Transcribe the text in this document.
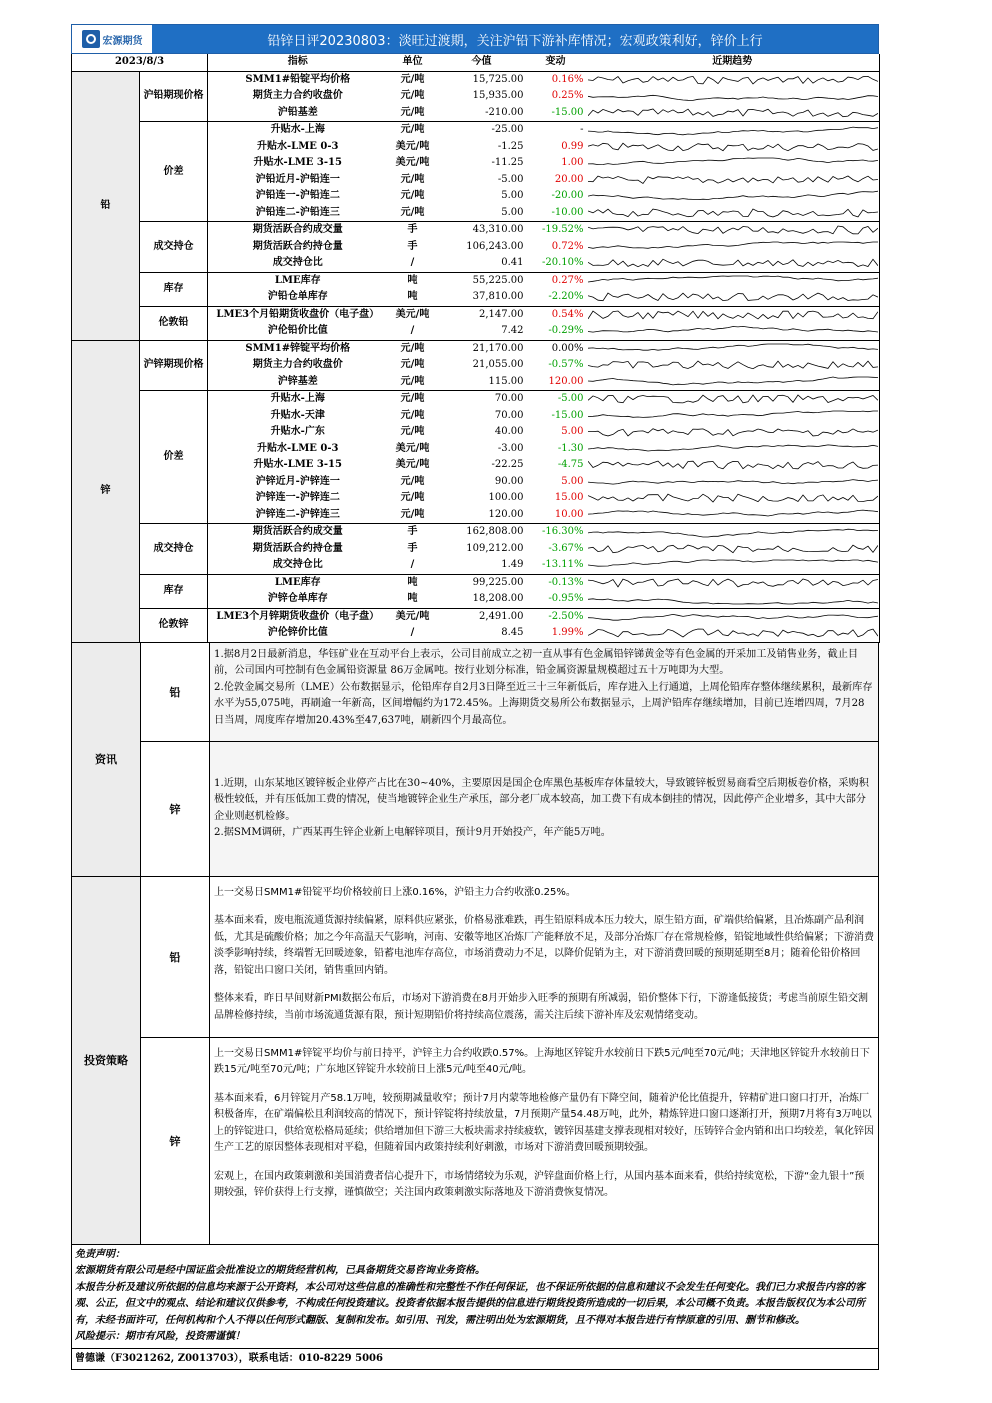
宏源期货	铅锌日评20230803：淡旺过渡期，关注沪铅下游补库情况；宏观政策利好，锌价上行
2023/8/3		指标	单位	今值	变动	近期趋势
铅	沪铅期现价格	SMM1#铅锭平均价格	元/吨	15,725.00	0.16%	

		期货主力合约收盘价	元/吨	15,935.00	0.25%	

		沪铅基差	元/吨	-210.00	-15.00	

	价差	升贴水-上海	元/吨	-25.00	-	

		升贴水-LME 0-3	美元/吨	-1.25	0.99	

		升贴水-LME 3-15	美元/吨	-11.25	1.00	

		沪铅近月-沪铅连一	元/吨	-5.00	20.00	

		沪铅连一-沪铅连二	元/吨	5.00	-20.00	

		沪铅连二-沪铅连三	元/吨	5.00	-10.00	

	成交持仓	期货活跃合约成交量	手	43,310.00	-19.52%	

		期货活跃合约持仓量	手	106,243.00	0.72%	

		成交持仓比	/	0.41	-20.10%	

	库存	LME库存	吨	55,225.00	0.27%	

		沪铅仓单库存	吨	37,810.00	-2.20%	

	伦敦铅	LME3个月铅期货收盘价（电子盘）	美元/吨	2,147.00	0.54%	

		沪伦铅价比值	/	7.42	-0.29%	

锌	沪锌期现价格	SMM1#锌锭平均价格	元/吨	21,170.00	0.00%	

		期货主力合约收盘价	元/吨	21,055.00	-0.57%	

		沪锌基差	元/吨	115.00	120.00	

	价差	升贴水-上海	元/吨	70.00	-5.00	

		升贴水-天津	元/吨	70.00	-15.00	

		升贴水-广东	元/吨	40.00	5.00	

		升贴水-LME 0-3	美元/吨	-3.00	-1.30	

		升贴水-LME 3-15	美元/吨	-22.25	-4.75	

		沪锌近月-沪锌连一	元/吨	90.00	5.00	

		沪锌连一-沪锌连二	元/吨	100.00	15.00	

		沪锌连二-沪锌连三	元/吨	120.00	10.00	

	成交持仓	期货活跃合约成交量	手	162,808.00	-16.30%	

		期货活跃合约持仓量	手	109,212.00	-3.67%	

		成交持仓比	/	1.49	-13.11%	

	库存	LME库存	吨	99,225.00	-0.13%	

		沪锌仓单库存	吨	18,208.00	-0.95%	

	伦敦锌	LME3个月锌期货收盘价（电子盘）	美元/吨	2,491.00	-2.50%	

		沪伦锌价比值	/	8.45	1.99%	
资讯
铅
1.据8月2日最新消息，华钰矿业在互动平台上表示，公司目前成立之初一直从事有色金属铅锌锑黄金等有色金属的开采加工及销售业务，截止目前，公司国内可控制有色金属铅资源量 86万金属吨。按行业划分标准，铅金属资源量规模超过五十万吨即为大型。
2.伦敦金属交易所（LME）公布数据显示，伦铅库存自2月3日降至近三十三年新低后，库存进入上行通道，上周伦铅库存整体继续累积，最新库存水平为55,075吨，再刷逾一年新高，区间增幅约为172.45%。上海期货交易所公布数据显示，上周沪铅库存继续增加，目前已连增四周，7月28日当周，周度库存增加20.43%至47,637吨，刷新四个月最高位。
锌
1.近期，山东某地区镀锌板企业停产占比在30~40%，主要原因是国企仓库黑色基板库存体量较大，导致镀锌板贸易商看空后期板卷价格，采购积极性较低，并有压低加工费的情况，使当地镀锌企业生产承压，部分老厂成本较高，加工费下有成本倒挂的情况，因此停产企业增多，其中大部分企业则赵机检修。
2.据SMM调研，广西某再生锌企业新上电解锌项目，预计9月开始投产，年产能5万吨。
投资策略
铅

上一交易日SMM1#铅锭平均价格较前日上涨0.16%，沪铅主力合约收涨0.25%。

基本面来看，废电瓶流通货源持续偏紧，原料供应紧张，价格易涨难跌，再生铅原料成本压力较大，原生铅方面，矿端供给偏紧，且冶炼副产品利润低，尤其是硫酸价格；加之今年高温天气影响，河南、安徽等地区冶炼厂产能释放不足，及部分冶炼厂存在常规检修，铅锭地域性供给偏紧；下游消费淡季影响持续，终端暂无回暖迹象，铅蓄电池库存高位，市场消费动力不足，以降价促销为主，对下游消费回暖的预期延期至8月；随着伦铅价格回落，铅锭出口窗口关闭，销售重回内销。

整体来看，昨日早间财新PMI数据公布后，市场对下游消费在8月开始步入旺季的预期有所减弱，铅价整体下行，下游逢低接货；考虑当前原生铅交割品牌检修持续，当前市场流通货源有限，预计短期铅价将持续高位震荡，需关注后续下游补库及宏观情绪变动。

锌

上一交易日SMM1#锌锭平均价与前日持平，沪锌主力合约收跌0.57%。上海地区锌锭升水较前日下跌5元/吨至70元/吨；天津地区锌锭升水较前日下跌15元/吨至70元/吨；广东地区锌锭升水较前日上涨5元/吨至40元/吨。

基本面来看，6月锌锭月产58.1万吨，较预期减量收窄；预计7月内蒙等地检修产量仍有下降空间，随着沪伦比值提升，锌精矿进口窗口打开，冶炼厂积极备库，在矿端偏松且利润较高的情况下，预计锌锭将持续放量，7月预期产量54.48万吨，此外，精炼锌进口窗口逐渐打开，预期7月将有3万吨以上的锌锭进口，供给宽松格局延续；供给增加但下游三大板块需求持续疲软，镀锌因基建支撑表现相对较好，压铸锌合金内销和出口均较差，氧化锌因生产工艺的原因整体表现相对平稳，但随着国内政策持续利好刺激，市场对下游消费回暖预期较强。

宏观上，在国内政策刺激和美国消费者信心提升下，市场情绪较为乐观，沪锌盘面价格上行，从国内基本面来看，供给持续宽松，下游“金九银十”预期较强，锌价获得上行支撑，谨慎做空；关注国内政策刺激实际落地及下游消费恢复情况。

免责声明：
宏源期货有限公司是经中国证监会批准设立的期货经营机构，已具备期货交易咨询业务资格。
本报告分析及建议所依据的信息均来源于公开资料，本公司对这些信息的准确性和完整性不作任何保证，也不保证所依据的信息和建议不会发生任何变化。我们已力求报告内容的客观、公正，但文中的观点、结论和建议仅供参考，不构成任何投资建议。投资者依据本报告提供的信息进行期货投资所造成的一切后果，本公司概不负责。本报告版权仅为本公司所有，未经书面许可，任何机构和个人不得以任何形式翻版、复制和发布。如引用、刊发，需注明出处为宏源期货，且不得对本报告进行有悖原意的引用、删节和修改。
风险提示：期市有风险，投资需谨慎！
曾德谦（F3021262, Z0013703），联系电话：010-8229 5006
